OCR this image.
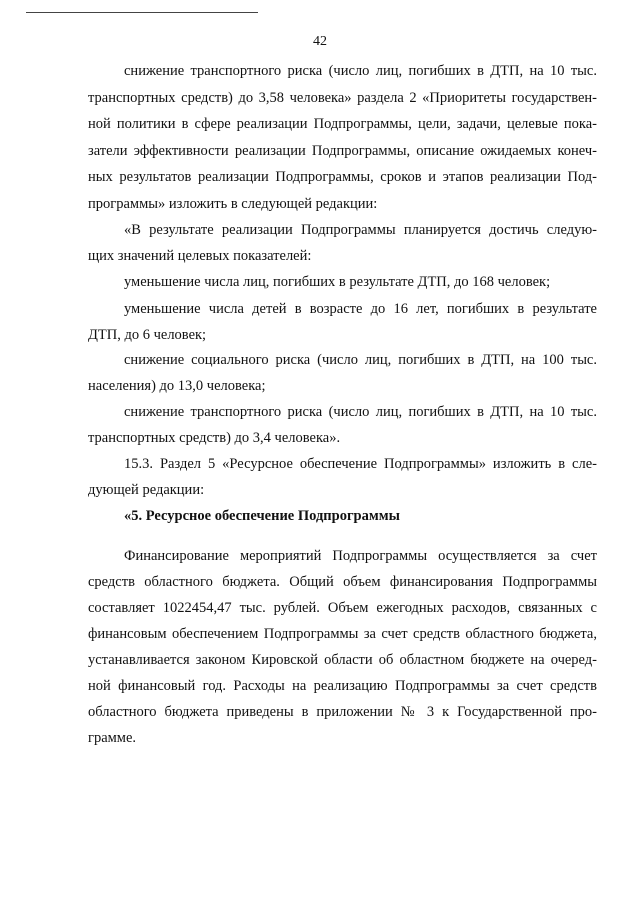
42
снижение транспортного риска (число лиц, погибших в ДТП, на 10 тыс.
транспортных средств) до 3,58 человека» раздела 2 «Приоритеты государствен-
ной политики в сфере реализации Подпрограммы, цели, задачи, целевые пока-
затели эффективности реализации Подпрограммы, описание ожидаемых конеч-
ных результатов реализации Подпрограммы, сроков и этапов реализации Под-
программы» изложить в следующей редакции:
«В результате реализации Подпрограммы планируется достичь следую-
щих значений целевых показателей:
уменьшение числа лиц, погибших в результате ДТП, до 168 человек;
уменьшение числа детей в возрасте до 16 лет, погибших в результате
ДТП, до 6 человек;
снижение социального риска (число лиц, погибших в ДТП, на 100 тыс.
населения) до 13,0 человека;
снижение транспортного риска (число лиц, погибших в ДТП, на 10 тыс.
транспортных средств) до 3,4 человека».
15.3. Раздел 5 «Ресурсное обеспечение Подпрограммы» изложить в сле-
дующей редакции:
«5. Ресурсное обеспечение Подпрограммы
Финансирование мероприятий Подпрограммы осуществляется за счет
средств областного бюджета. Общий объем финансирования Подпрограммы
составляет 1022454,47 тыс. рублей. Объем ежегодных расходов, связанных с
финансовым обеспечением Подпрограммы за счет средств областного бюджета,
устанавливается законом Кировской области об областном бюджете на очеред-
ной финансовый год. Расходы на реализацию Подпрограммы за счет средств
областного бюджета приведены в приложении № 3 к Государственной про-
грамме.
